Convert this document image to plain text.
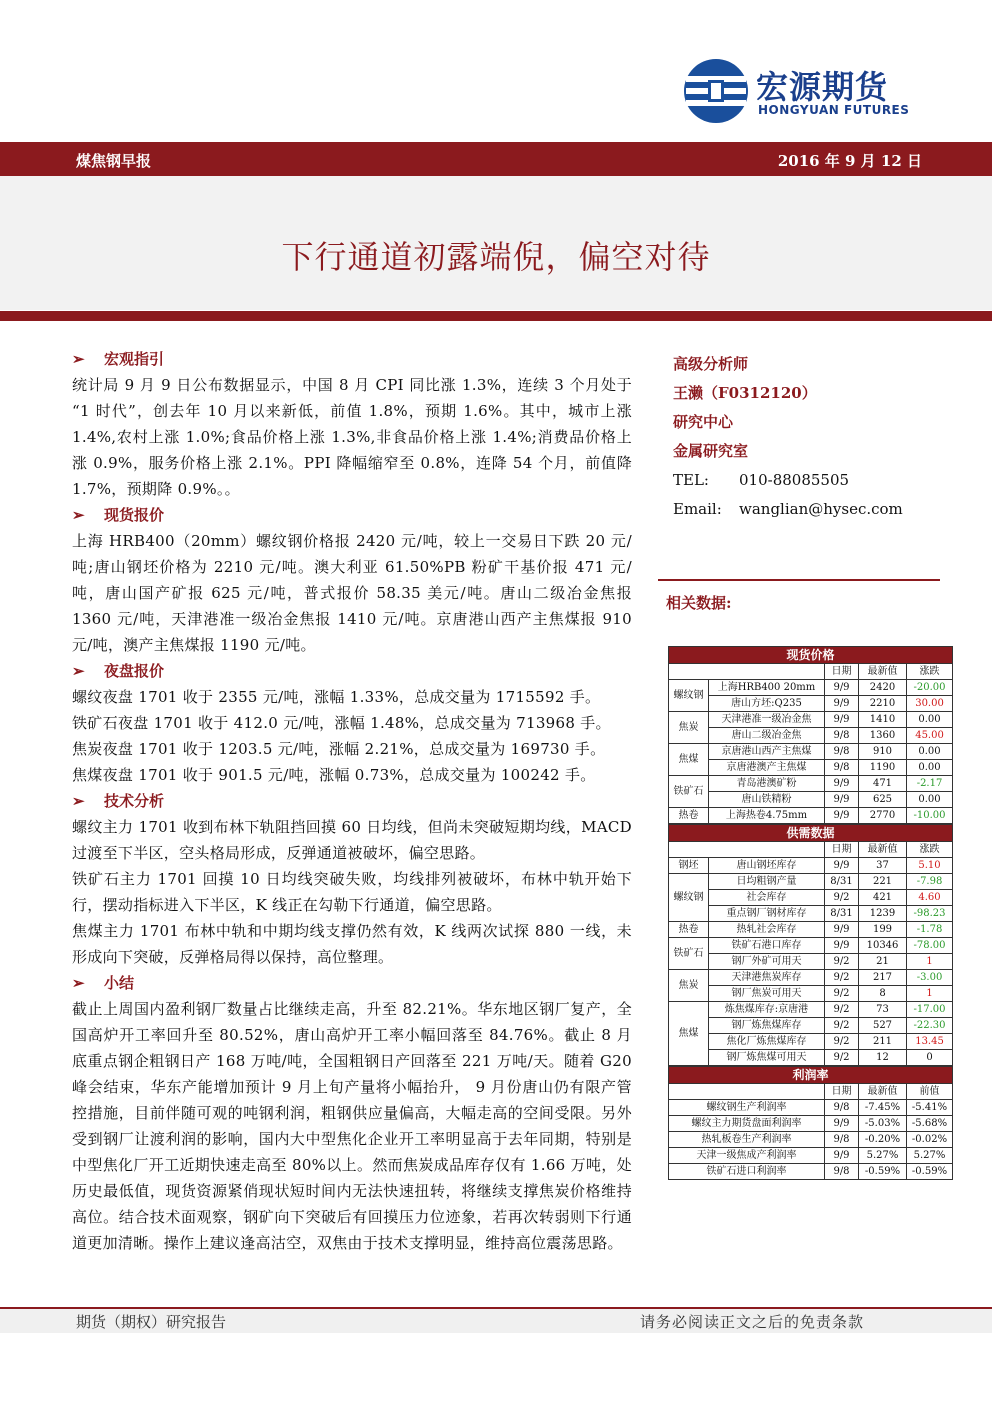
宏源期货
HONGYUAN FUTURES
煤焦钢早报	2016 年 9 月 12 日
下行通道初露端倪，偏空对待
➢ 宏观指引

统计局 9 月 9 日公布数据显示，中国 8 月 CPI 同比涨 1.3%，连续 3 个月处于 “1 时代”，创去年 10 月以来新低，前值 1.8%，预期 1.6%。其中，城市上涨 1.4%,农村上涨 1.0%;食品价格上涨 1.3%,非食品价格上涨 1.4%;消费品价格上涨 0.9%，服务价格上涨 2.1%。PPI 降幅缩窄至 0.8%，连降 54 个月，前值降 1.7%，预期降 0.9%。。

➢ 现货报价

上海 HRB400（20mm）螺纹钢价格报 2420 元/吨，较上一交易日下跌 20 元/吨;唐山钢坯价格为 2210 元/吨。澳大利亚 61.50%PB 粉矿干基价报 471 元/吨，唐山国产矿报 625 元/吨，普式报价 58.35 美元/吨。唐山二级冶金焦报 1360 元/吨，天津港准一级冶金焦报 1410 元/吨。京唐港山西产主焦煤报 910 元/吨，澳产主焦煤报 1190 元/吨。

➢ 夜盘报价

螺纹夜盘 1701 收于 2355 元/吨，涨幅 1.33%，总成交量为 1715592 手。

铁矿石夜盘 1701 收于 412.0 元/吨，涨幅 1.48%，总成交量为 713968 手。

焦炭夜盘 1701 收于 1203.5 元/吨，涨幅 2.21%，总成交量为 169730 手。

焦煤夜盘 1701 收于 901.5 元/吨，涨幅 0.73%，总成交量为 100242 手。

➢ 技术分析

螺纹主力 1701 收到布林下轨阻挡回摸 60 日均线，但尚未突破短期均线，MACD 过渡至下半区，空头格局形成，反弹通道被破坏，偏空思路。

铁矿石主力 1701 回摸 10 日均线突破失败，均线排列被破坏，布林中轨开始下行，摆动指标进入下半区，K 线正在勾勒下行通道，偏空思路。

焦煤主力 1701 布林中轨和中期均线支撑仍然有效，K 线两次试探 880 一线，未形成向下突破，反弹格局得以保持，高位整理。

➢ 小结

截止上周国内盈利钢厂数量占比继续走高，升至 82.21%。华东地区钢厂复产，全国高炉开工率回升至 80.52%，唐山高炉开工率小幅回落至 84.76%。截止 8 月底重点钢企粗钢日产 168 万吨/吨，全国粗钢日产回落至 221 万吨/天。随着 G20 峰会结束，华东产能增加预计 9 月上旬产量将小幅抬升， 9 月份唐山仍有限产管控措施，目前伴随可观的吨钢利润，粗钢供应量偏高，大幅走高的空间受限。另外受到钢厂让渡利润的影响，国内大中型焦化企业开工率明显高于去年同期，特别是中型焦化厂开工近期快速走高至 80%以上。然而焦炭成品库存仅有 1.66 万吨，处历史最低值，现货资源紧俏现状短时间内无法快速扭转，将继续支撑焦炭价格维持高位。结合技术面观察，钢矿向下突破后有回摸压力位迹象，若再次转弱则下行通道更加清晰。操作上建议逢高沽空，双焦由于技术支撑明显，维持高位震荡思路。

高级分析师
王濑（F0312120）
研究中心
金属研究室
TEL:	010-88085505
Email:	wanglian@hysec.com
相关数据:
现货价格				
		日期	最新值	涨跌
螺纹钢	上海HRB400 20mm	9/9	2420	-20.00
	唐山方坯:Q235	9/9	2210	30.00
焦炭	天津港准一级冶金焦	9/9	1410	0.00
	唐山二级冶金焦	9/8	1360	45.00
焦煤	京唐港山西产主焦煤	9/8	910	0.00
	京唐港澳产主焦煤	9/8	1190	0.00
铁矿石	青岛港澳矿粉	9/9	471	-2.17
	唐山铁精粉	9/9	625	0.00
热卷	上海热卷4.75mm	9/9	2770	-10.00
供需数据				
		日期	最新值	涨跌
钢坯	唐山钢坯库存	9/9	37	5.10
螺纹钢	日均粗钢产量	8/31	221	-7.98
	社会库存	9/2	421	4.60
	重点钢厂钢材库存	8/31	1239	-98.23
热卷	热轧社会库存	9/9	199	-1.78
铁矿石	铁矿石港口库存	9/9	10346	-78.00
	钢厂外矿可用天	9/2	21	1
焦炭	天津港焦炭库存	9/2	217	-3.00
	钢厂焦炭可用天	9/2	8	1
焦煤	炼焦煤库存:京唐港	9/2	73	-17.00
	钢厂炼焦煤库存	9/2	527	-22.30
	焦化厂炼焦煤库存	9/2	211	13.45
	钢厂炼焦煤可用天	9/2	12	0
利润率			
	日期	最新值	前值
螺纹钢生产利润率	9/8	-7.45%	-5.41%
螺纹主力期货盘面利润率	9/9	-5.03%	-5.68%
热轧板卷生产利润率	9/8	-0.20%	-0.02%
天津一级焦成产利润率	9/9	5.27%	5.27%
铁矿石进口利润率	9/8	-0.59%	-0.59%
期货（期权）研究报告	请务必阅读正文之后的免责条款
